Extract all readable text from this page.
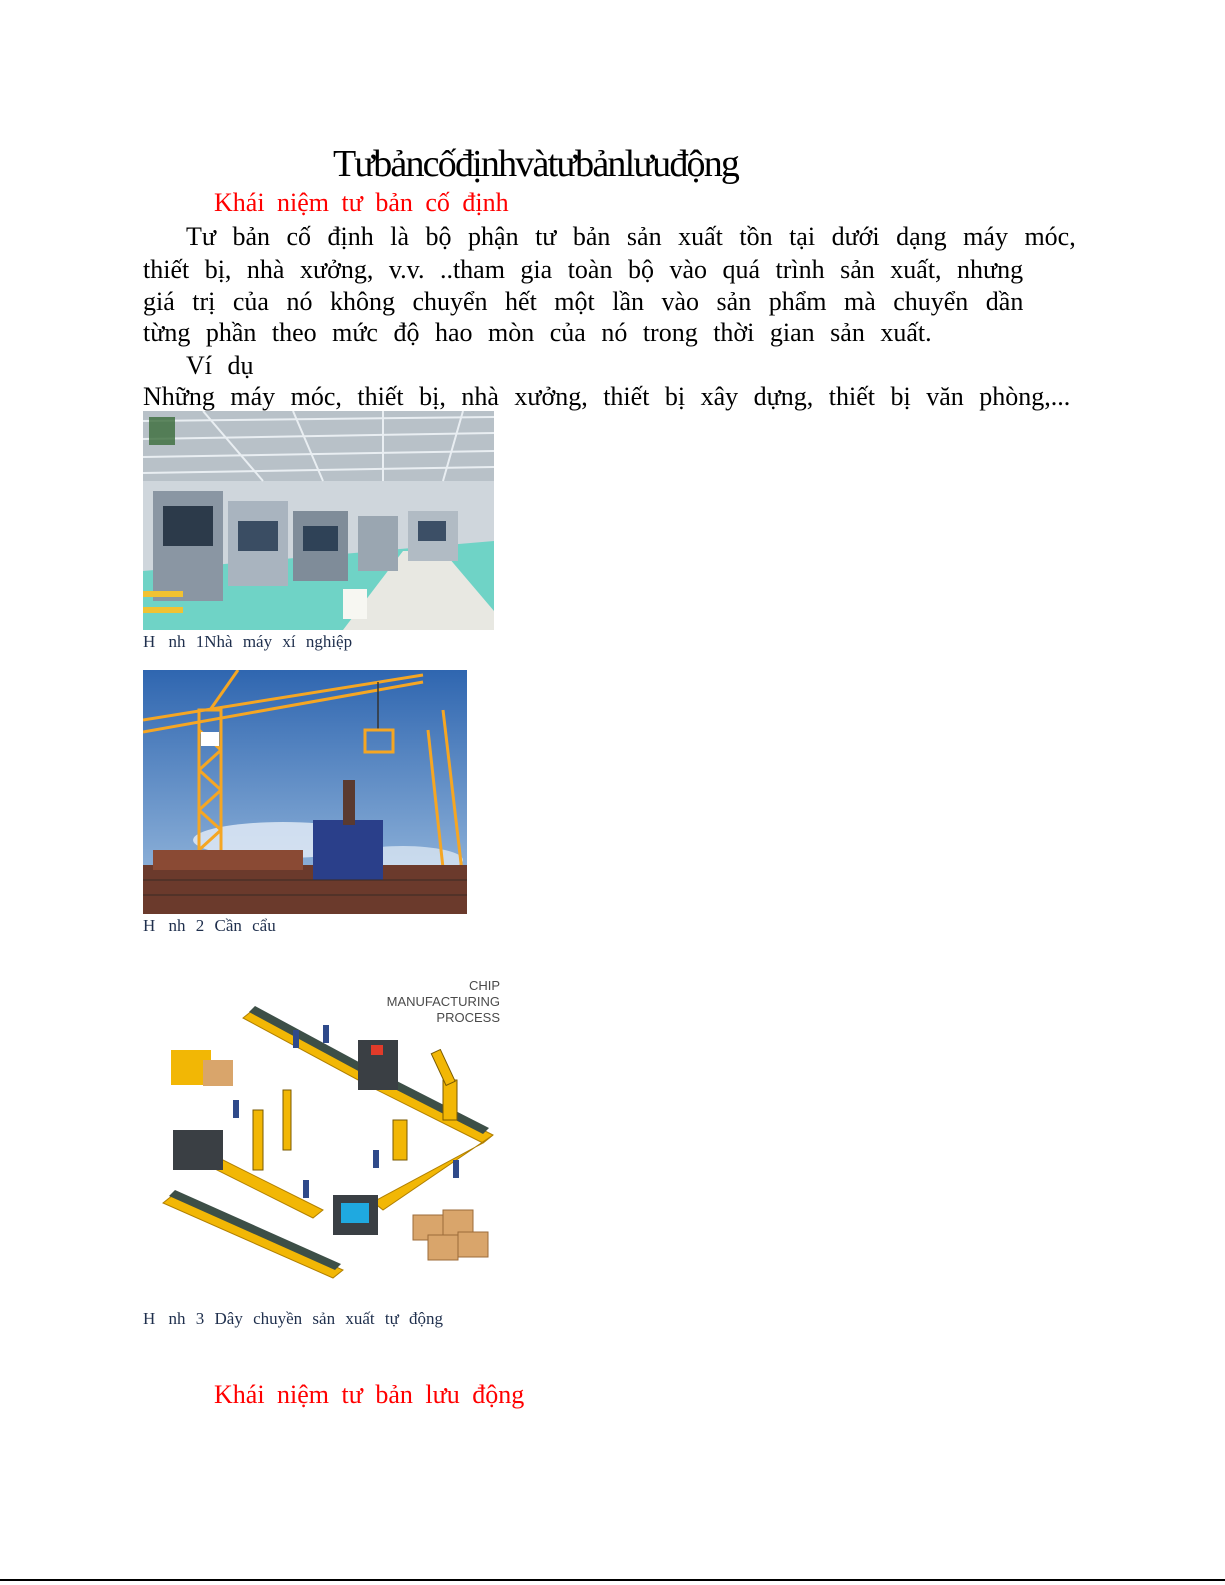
Tưbảncốđịnhvàtưbảnlưuđộng
Khái niệm tư bản cố định
Tư bản cố định là bộ phận tư bản sản xuất tồn tại dưới dạng máy móc,
thiết bị, nhà xưởng, v.v. ..tham gia toàn bộ vào quá trình sản xuất, nhưng
giá trị của nó không chuyển hết một lần vào sản phẩm mà chuyển dần
từng phần theo mức độ hao mòn của nó trong thời gian sản xuất.
Ví dụ
Những máy móc, thiết bị, nhà xưởng, thiết bị xây dựng, thiết bị văn phòng,...
H nh 1Nhà máy xí nghiệp
H nh 2 Cần cẩu
CHIP
MANUFACTURING
PROCESS
H nh 3 Dây chuyền sản xuất tự động
Khái niệm tư bản lưu động
